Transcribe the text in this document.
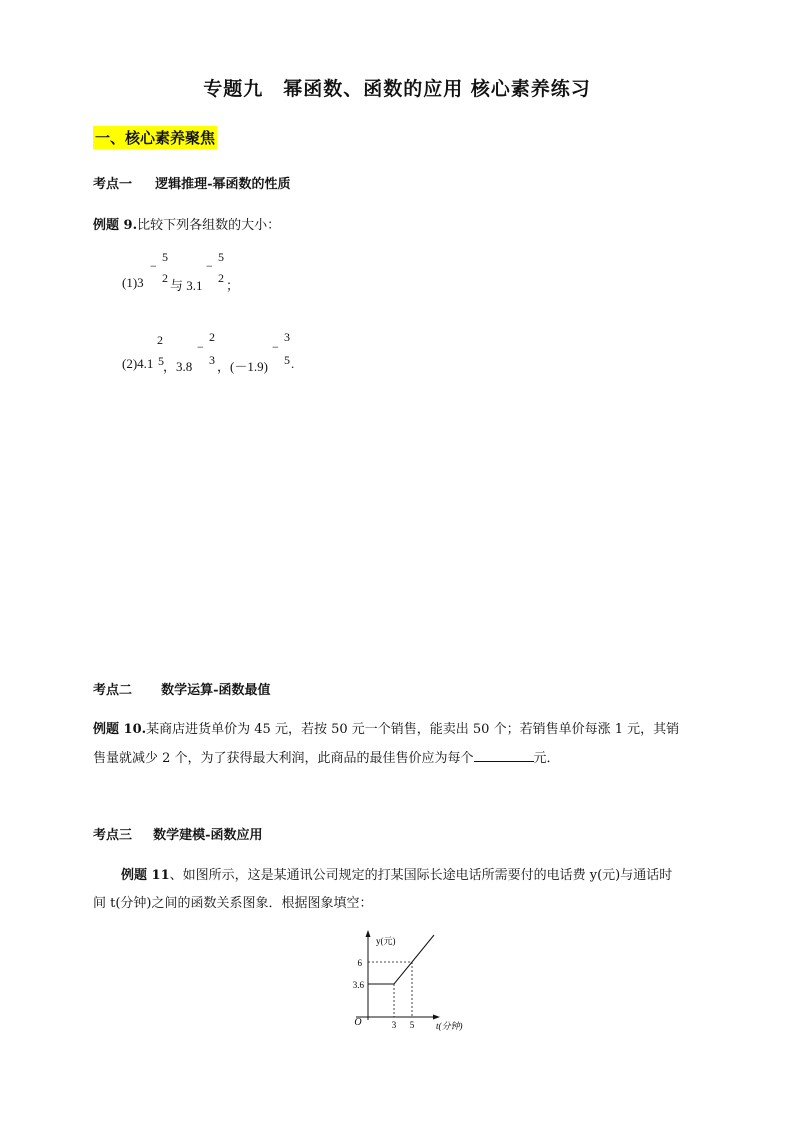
专题九　幂函数、函数的应用 核心素养练习
一、核心素养聚焦
考点一 逻辑推理-幂函数的性质
例题 9.比较下列各组数的大小：
(1)3
−
5
2 与 3.1
−
5
2 ；
(2)4.1
2
5 ，3.8
−
2
3 ，(－1.9)
−
3
5 .
考点二 数学运算-函数最值
例题 10.某商店进货单价为 45 元，若按 50 元一个销售，能卖出 50 个；若销售单价每涨 1 元，其销
售量就减少 2 个，为了获得最大利润，此商品的最佳售价应为每个	元．
考点三 数学建模-函数应用
例题 11、如图所示，这是某通讯公司规定的打某国际长途电话所需要付的电话费 y(元)与通话时
间 t(分钟)之间的函数关系图象．根据图象填空：
y(元)
t(分钟)
O
6
3.6
3 5
